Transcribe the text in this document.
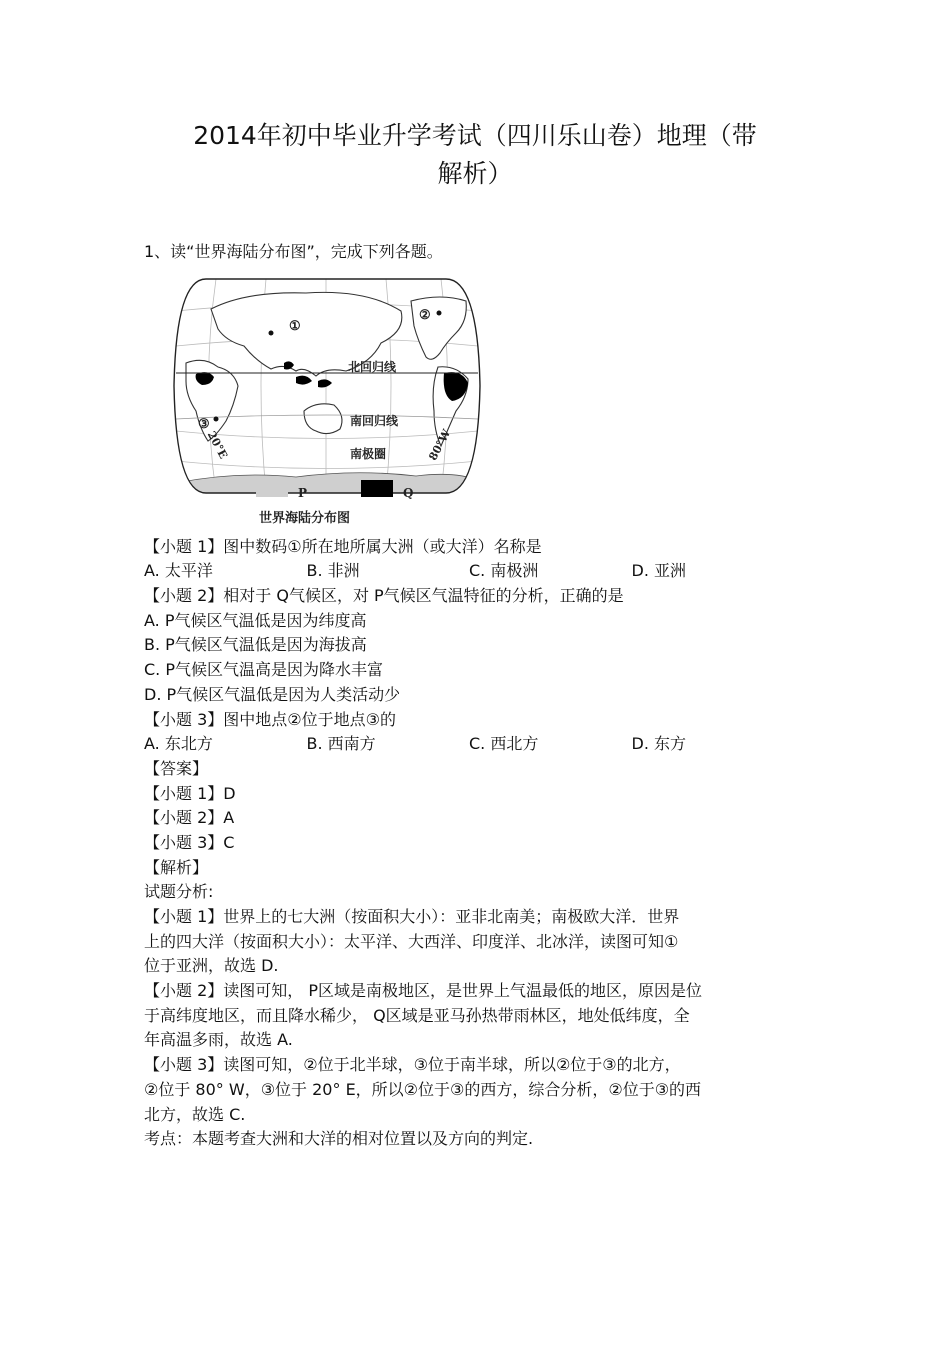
2014年初中毕业升学考试（四川乐山卷）地理（带
解析）
1、读“世界海陆分布图”，完成下列各题。
①
②
③
北回归线
南回归线
南极圈
20°E	80°W
P	Q
世界海陆分布图
【小题 1】图中数码①所在地所属大洲（或大洋）名称是
A. 太平洋	B. 非洲	C. 南极洲	D. 亚洲
【小题 2】相对于 Q气候区，对 P气候区气温特征的分析，正确的是
A. P气候区气温低是因为纬度高
B. P气候区气温低是因为海拔高
C. P气候区气温高是因为降水丰富
D. P气候区气温低是因为人类活动少
【小题 3】图中地点②位于地点③的
A. 东北方	B. 西南方	C. 西北方	D. 东方
【答案】
【小题 1】D
【小题 2】A
【小题 3】C
【解析】
试题分析:
【小题 1】世界上的七大洲（按面积大小）：亚非北南美；南极欧大洋．世界
上的四大洋（按面积大小）：太平洋、大西洋、印度洋、北冰洋，读图可知①
位于亚洲，故选 D.
【小题 2】读图可知， P区域是南极地区，是世界上气温最低的地区，原因是位
于高纬度地区，而且降水稀少， Q区域是亚马孙热带雨林区，地处低纬度，全
年高温多雨，故选 A.
【小题 3】读图可知，②位于北半球，③位于南半球，所以②位于③的北方，
②位于 80° W，③位于 20° E，所以②位于③的西方，综合分析，②位于③的西
北方，故选 C.
考点：本题考查大洲和大洋的相对位置以及方向的判定.
